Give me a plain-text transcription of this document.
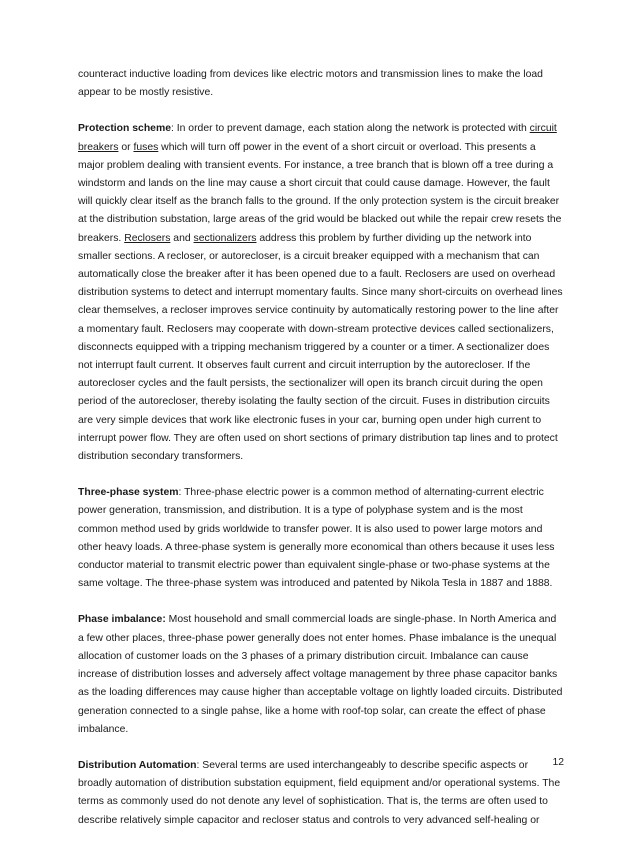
counteract inductive loading from devices like electric motors and transmission lines to make the load appear to be mostly resistive.

Protection scheme: In order to prevent damage, each station along the network is protected with circuit breakers or fuses which will turn off power in the event of a short circuit or overload. This presents a major problem dealing with transient events. For instance, a tree branch that is blown off a tree during a windstorm and lands on the line may cause a short circuit that could cause damage. However, the fault will quickly clear itself as the branch falls to the ground. If the only protection system is the circuit breaker at the distribution substation, large areas of the grid would be blacked out while the repair crew resets the breakers. Reclosers and sectionalizers address this problem by further dividing up the network into smaller sections. A recloser, or autorecloser, is a circuit breaker equipped with a mechanism that can automatically close the breaker after it has been opened due to a fault. Reclosers are used on overhead distribution systems to detect and interrupt momentary faults. Since many short-circuits on overhead lines clear themselves, a recloser improves service continuity by automatically restoring power to the line after a momentary fault. Reclosers may cooperate with down-stream protective devices called sectionalizers, disconnects equipped with a tripping mechanism triggered by a counter or a timer. A sectionalizer does not interrupt fault current. It observes fault current and circuit interruption by the autorecloser. If the autorecloser cycles and the fault persists, the sectionalizer will open its branch circuit during the open period of the autorecloser, thereby isolating the faulty section of the circuit. Fuses in distribution circuits are very simple devices that work like electronic fuses in your car, burning open under high current to interrupt power flow. They are often used on short sections of primary distribution tap lines and to protect distribution secondary transformers.

Three-phase system: Three-phase electric power is a common method of alternating-current electric power generation, transmission, and distribution. It is a type of polyphase system and is the most common method used by grids worldwide to transfer power. It is also used to power large motors and other heavy loads. A three-phase system is generally more economical than others because it uses less conductor material to transmit electric power than equivalent single-phase or two-phase systems at the same voltage. The three-phase system was introduced and patented by Nikola Tesla in 1887 and 1888.

Phase imbalance: Most household and small commercial loads are single-phase. In North America and a few other places, three-phase power generally does not enter homes. Phase imbalance is the unequal allocation of customer loads on the 3 phases of a primary distribution circuit. Imbalance can cause increase of distribution losses and adversely affect voltage management by three phase capacitor banks as the loading differences may cause higher than acceptable voltage on lightly loaded circuits. Distributed generation connected to a single pahse, like a home with roof-top solar, can create the effect of phase imbalance.

Distribution Automation: Several terms are used interchangeably to describe specific aspects or broadly automation of distribution substation equipment, field equipment and/or operational systems. The terms as commonly used do not denote any level of sophistication. That is, the terms are often used to describe relatively simple capacitor and recloser status and controls to very advanced self-healing or

12
